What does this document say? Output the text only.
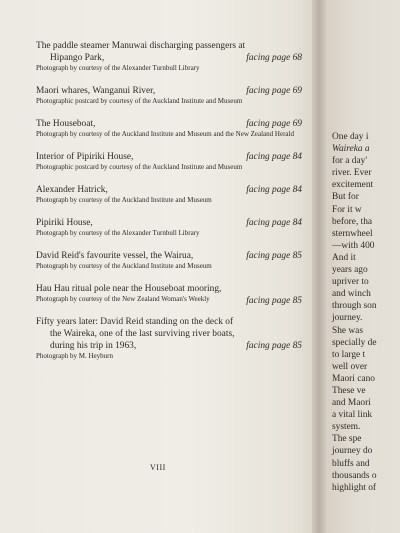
The paddle steamer Manuwai discharging passengers at
Hipango Park,	facing page 68
Photograph by courtesy of the Alexander Turnbull Library
Maori whares, Wanganui River,	facing page 69
Photographic postcard by courtesy of the Auckland Institute and Museum
The Houseboat,	facing page 69
Photograph by courtesy of the Auckland Institute and Museum and the New Zealand Herald
Interior of Pipiriki House,	facing page 84
Photographic postcard by courtesy of the Auckland Institute and Museum
Alexander Hatrick,	facing page 84
Photograph by courtesy of the Auckland Institute and Museum
Pipiriki House,	facing page 84
Photograph by courtesy of the Alexander Turnbull Library
David Reid's favourite vessel, the Wairua,	facing page 85
Photograph by courtesy of the Auckland Institute and Museum
Hau Hau ritual pole near the Houseboat mooring,
facing page 85
Photograph by courtesy of the New Zealand Woman's Weekly
Fifty years later: David Reid standing on the deck of
the Waireka, one of the last surviving river boats,
during his trip in 1963,	facing page 85
Photograph by M. Heyburn
VIII
One day i
Waireka a
for a day'
river. Ever
excitement
But for
For it w
before, tha
sternwheel
—with 400
And it
years ago
upriver to
and winch
through son
journey.
She was
specially de
to large t
well over
Maori cano
These ve
and Maori
a vital link
system.
The spe
journey do
bluffs and
thousands o
highlight of
